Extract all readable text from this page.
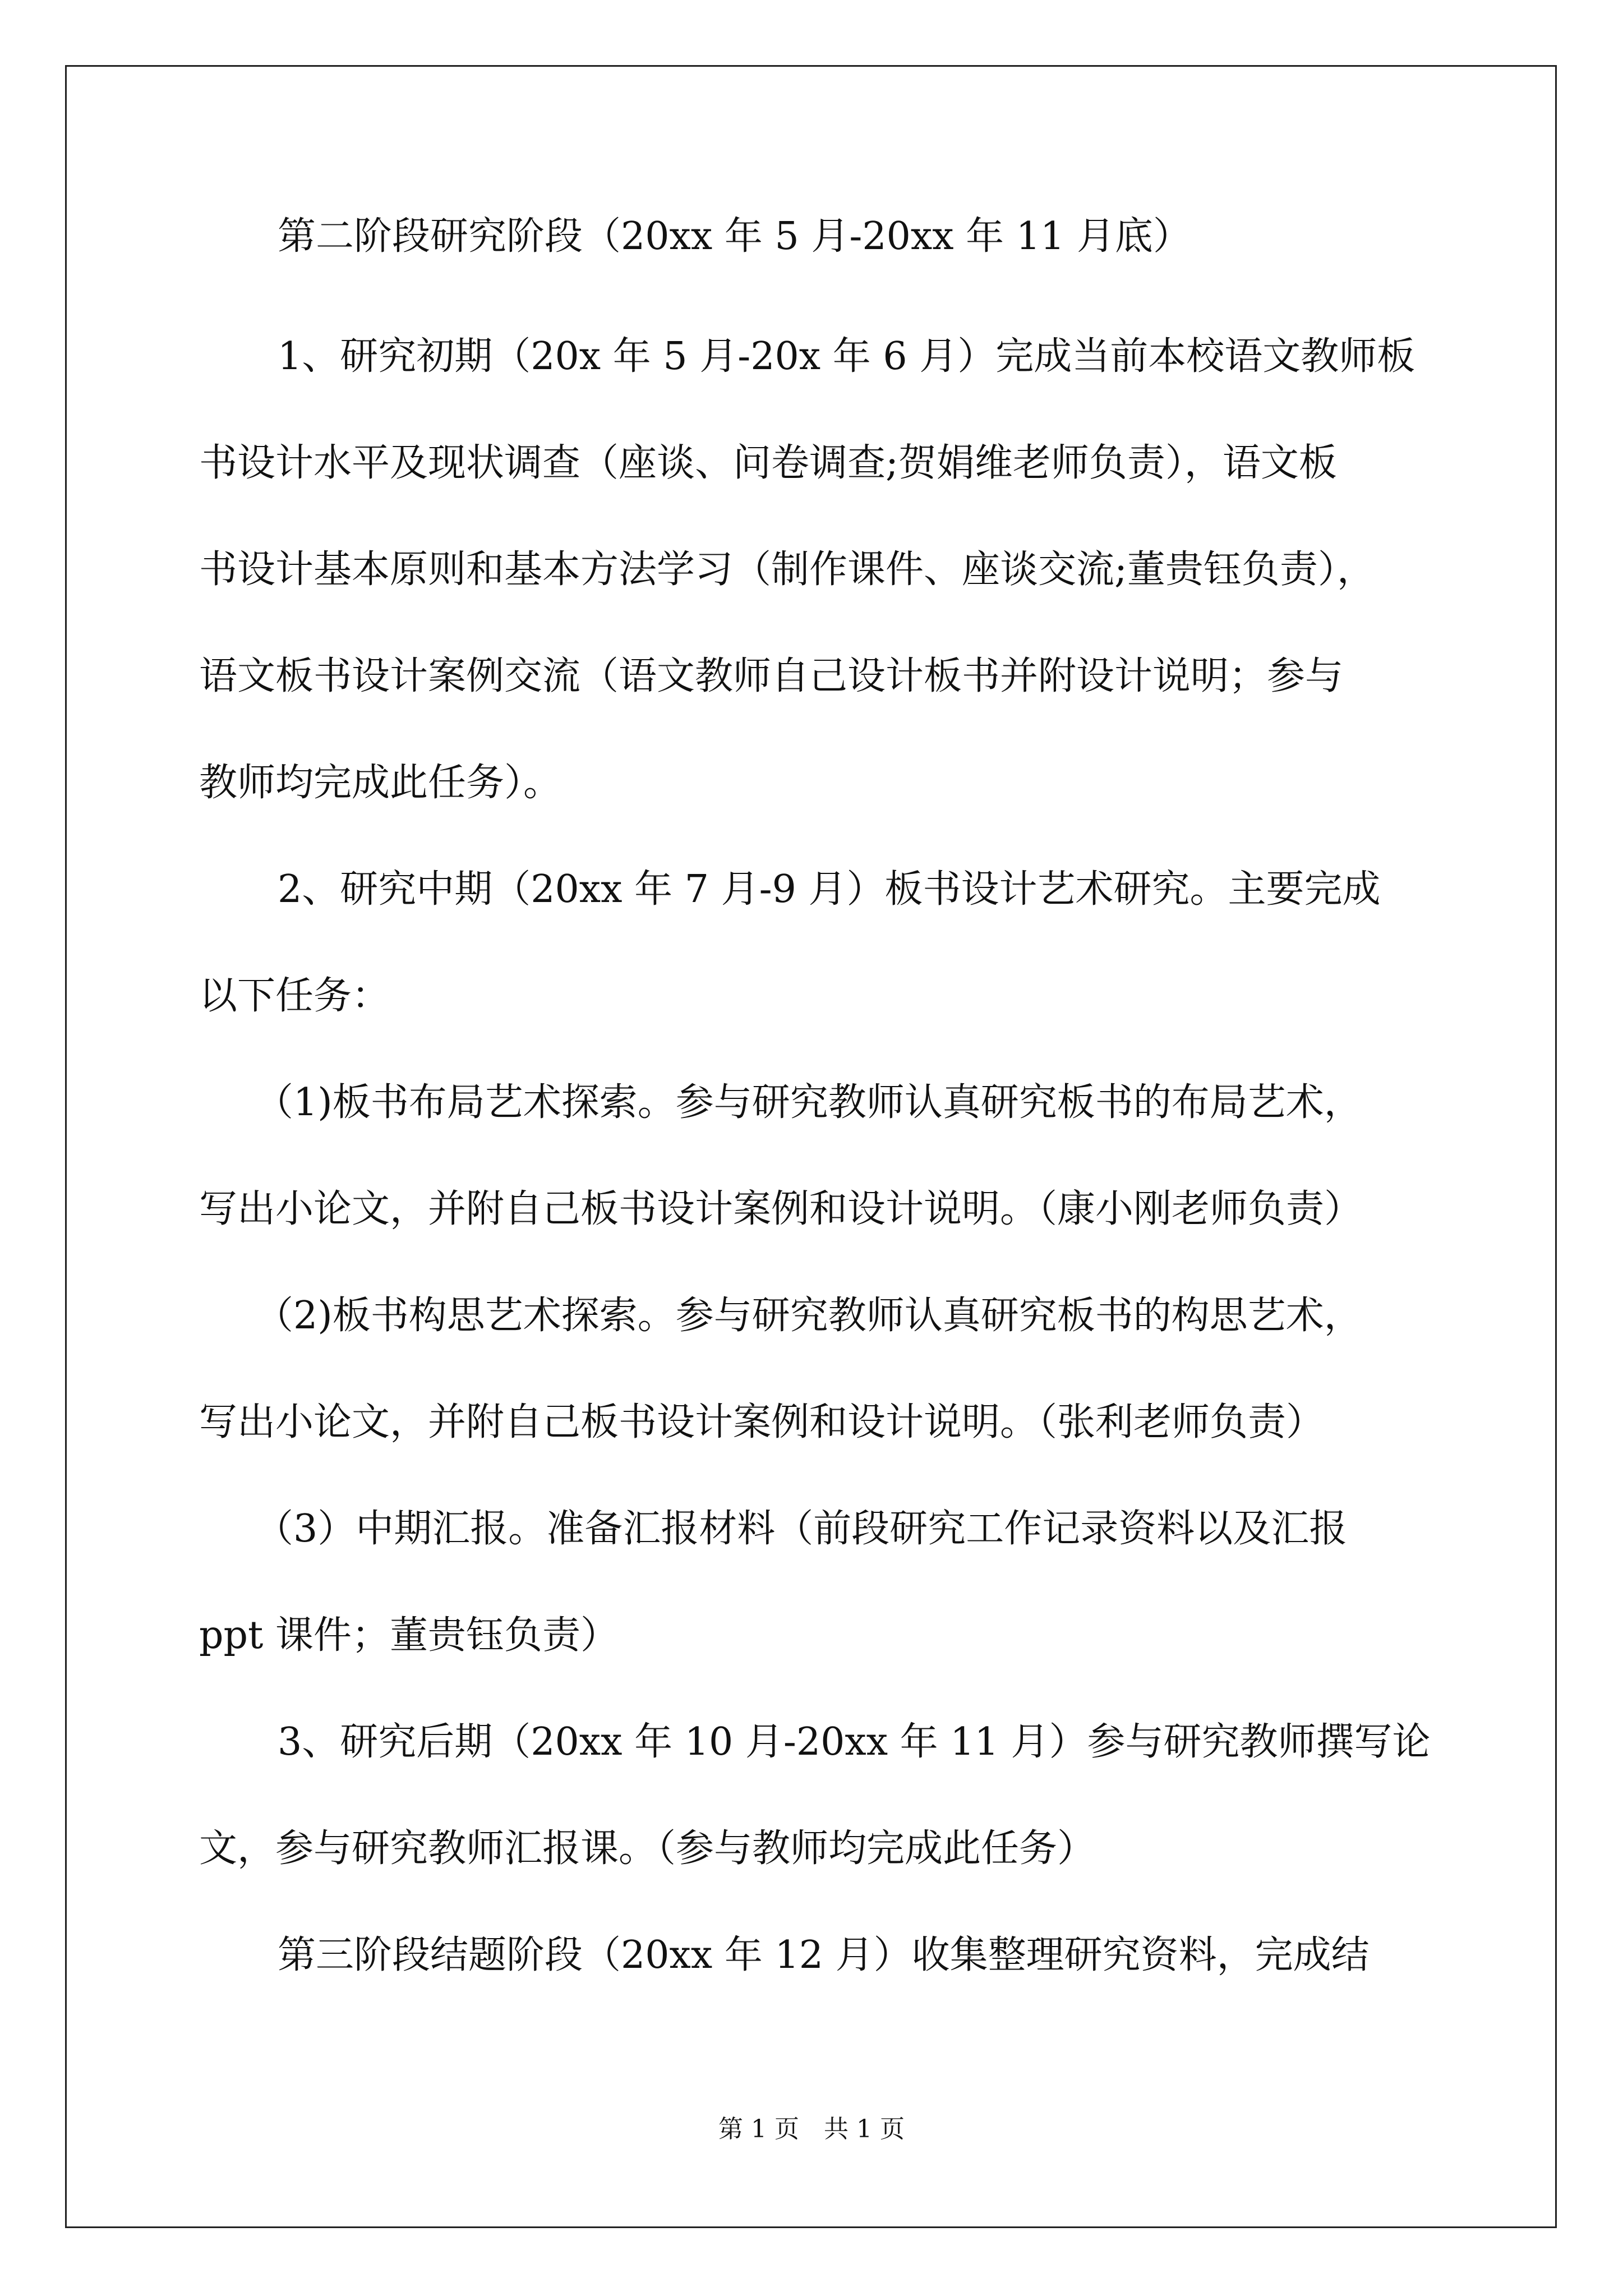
第二阶段研究阶段（20xx 年 5 月-20xx 年 11 月底）
1、研究初期（20x 年 5 月-20x 年 6 月）完成当前本校语文教师板
书设计水平及现状调查（座谈、问卷调查;贺娟维老师负责），语文板
书设计基本原则和基本方法学习（制作课件、座谈交流;董贵钰负责），
语文板书设计案例交流（语文教师自己设计板书并附设计说明；参与
教师均完成此任务）。
2、研究中期（20xx 年 7 月-9 月）板书设计艺术研究。主要完成
以下任务：
（1)板书布局艺术探索。参与研究教师认真研究板书的布局艺术，
写出小论文，并附自己板书设计案例和设计说明。（康小刚老师负责）
（2)板书构思艺术探索。参与研究教师认真研究板书的构思艺术，
写出小论文，并附自己板书设计案例和设计说明。（张利老师负责）
（3）中期汇报。准备汇报材料（前段研究工作记录资料以及汇报
ppt 课件；董贵钰负责）
3、研究后期（20xx 年 10 月-20xx 年 11 月）参与研究教师撰写论
文，参与研究教师汇报课。（参与教师均完成此任务）
第三阶段结题阶段（20xx 年 12 月）收集整理研究资料，完成结
第 1 页　共 1 页
